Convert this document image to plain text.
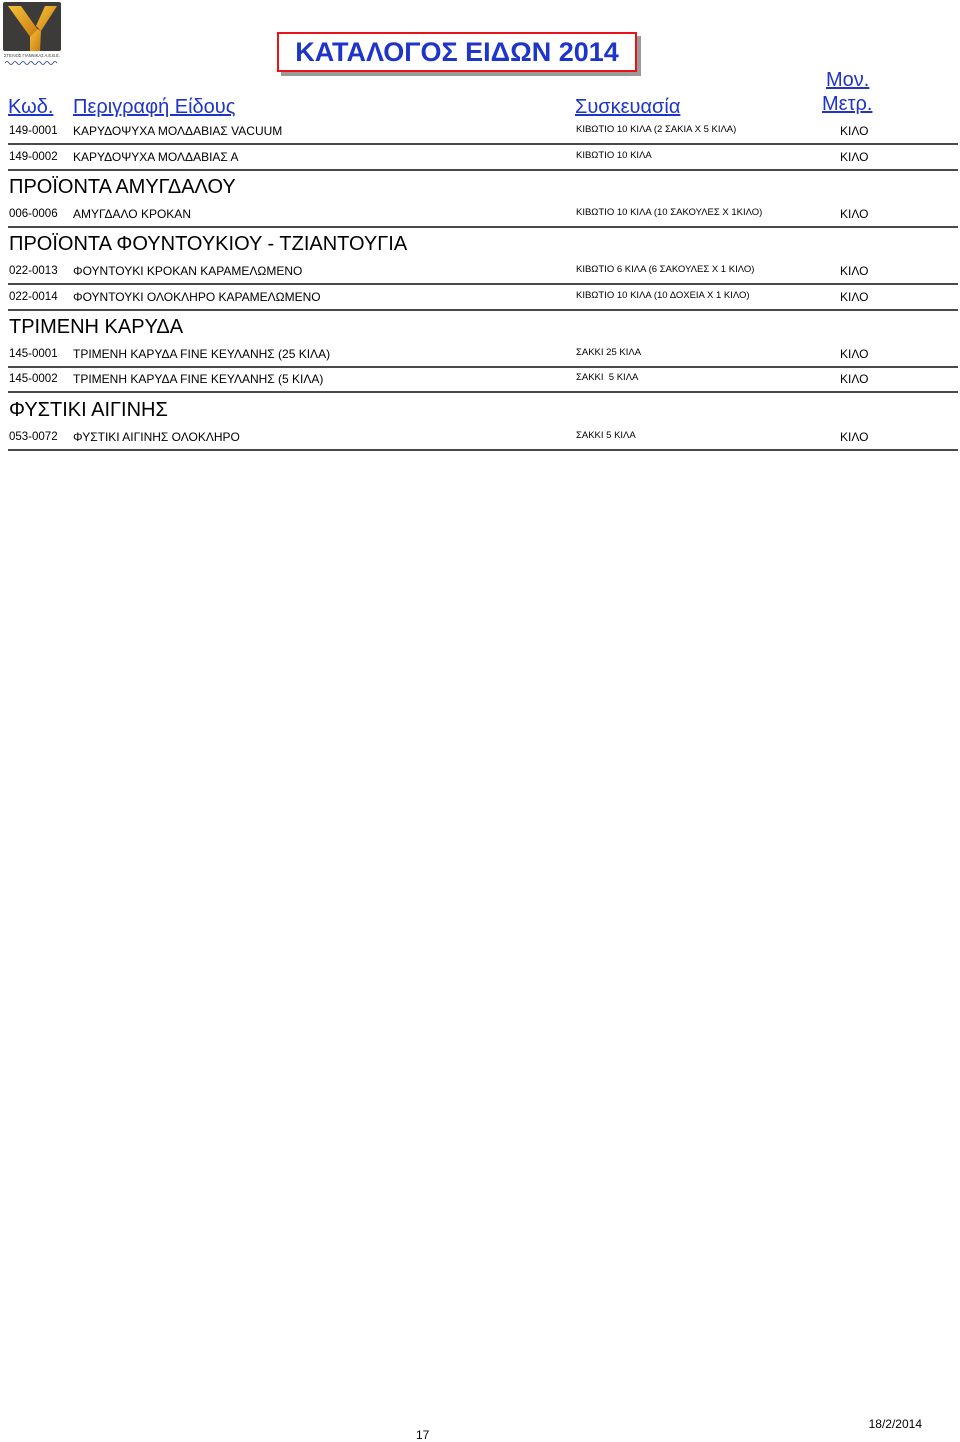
ΣΤΕΛΙΟΣ ΓΙΑΝΝΙΚΑΣ Α.Ε.Β.Ε.	ΚΑΤΑΛΟΓΟΣ ΕΙΔΩΝ 2014
Κωδ. Περιγραφή Είδους	Συσκευασία
Μον.
Μετρ.
149-0001 ΚΑΡΥΔΟΨΥΧΑ ΜΟΛΔΑΒΙΑΣ VACUUM	ΚΙΒΩΤΙΟ 10 ΚΙΛΑ (2 ΣΑΚΙΑ Χ 5 ΚΙΛΑ)	ΚΙΛΟ
149-0002 ΚΑΡΥΔΟΨΥΧΑ ΜΟΛΔΑΒΙΑΣ Α	ΚΙΒΩΤΙΟ 10 ΚΙΛΑ	ΚΙΛΟ
ΠΡΟΪΟΝΤΑ ΑΜΥΓΔΑΛΟΥ
006-0006 ΑΜΥΓΔΑΛΟ ΚΡΟΚΑΝ	ΚΙΒΩΤΙΟ 10 ΚΙΛΑ (10 ΣΑΚΟΥΛΕΣ Χ 1ΚΙΛΟ)	ΚΙΛΟ
ΠΡΟΪΟΝΤΑ ΦΟΥΝΤΟΥΚΙΟΥ - ΤΖΙΑΝΤΟΥΓΙΑ
022-0013 ΦΟΥΝΤΟΥΚΙ ΚΡΟΚΑΝ ΚΑΡΑΜΕΛΩΜΕΝΟ	ΚΙΒΩΤΙΟ 6 ΚΙΛΑ (6 ΣΑΚΟΥΛΕΣ Χ 1 ΚΙΛΟ)	ΚΙΛΟ
022-0014 ΦΟΥΝΤΟΥΚΙ ΟΛΟΚΛΗΡΟ ΚΑΡΑΜΕΛΩΜΕΝΟ	ΚΙΒΩΤΙΟ 10 ΚΙΛΑ (10 ΔΟΧΕΙΑ Χ 1 ΚΙΛΟ)	ΚΙΛΟ
ΤΡΙΜΕΝΗ ΚΑΡΥΔΑ
145-0001 ΤΡΙΜΕΝΗ ΚΑΡΥΔΑ FINE ΚΕΥΛΑΝΗΣ (25 ΚΙΛΑ)	ΣΑΚΚΙ 25 ΚΙΛΑ	ΚΙΛΟ
145-0002 ΤΡΙΜΕΝΗ ΚΑΡΥΔΑ FINE ΚΕΥΛΑΝΗΣ (5 ΚΙΛΑ)	ΣΑΚΚΙ  5 ΚΙΛΑ	ΚΙΛΟ
ΦΥΣΤΙΚΙ ΑΙΓΙΝΗΣ
053-0072 ΦΥΣΤΙΚΙ ΑΙΓΙΝΗΣ ΟΛΟΚΛΗΡΟ	ΣΑΚΚΙ 5 ΚΙΛΑ	ΚΙΛΟ
17
18/2/2014
